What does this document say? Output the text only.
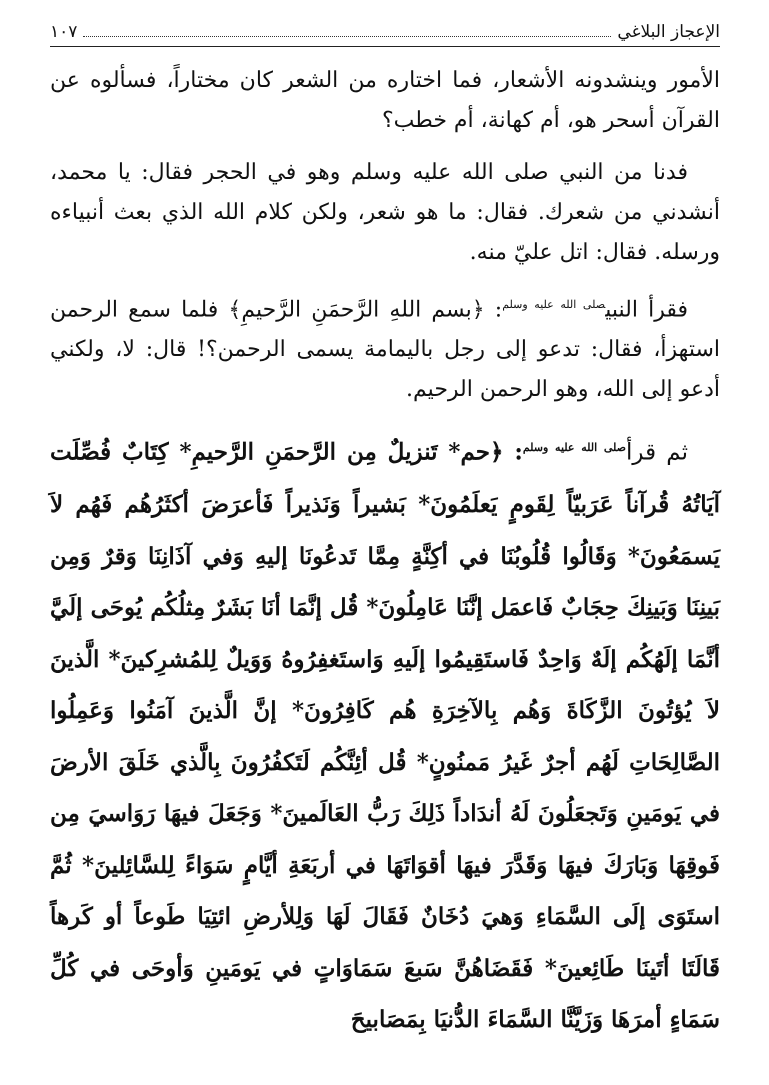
الإعجاز البلاغي
١٠٧

الأمور وينشدونه الأشعار، فما اختاره من الشعر كان مختاراً، فسألوه عن القرآن أسحر هو، أم كهانة، أم خطب؟

فدنا من النبي صلى الله عليه وسلم وهو في الحجر فقال: يا محمد، أنشدني من شعرك. فقال: ما هو شعر، ولكن كلام الله الذي بعث أنبياءه ورسله. فقال: اتل عليّ منه.

فقرأ النبي$^{صلى الله عليه وسلم}$: ﴿بسم اللهِ الرَّحمَنِ الرَّحيمِ﴾ فلما سمع الرحمن استهزأ، فقال: تدعو إلى رجل باليمامة يسمى الرحمن؟! قال: لا، ولكني أدعو إلى الله، وهو الرحمن الرحيم.

ثم قرأ$^{صلى الله عليه وسلم}$: ﴿حم* تَنزيلٌ مِن الرَّحمَنِ الرَّحيمِ* كِتَابٌ فُصِّلَت آيَاتُهُ قُرآناً عَرَبيّاً لِقَومٍ يَعلَمُونَ* بَشيراً وَنَذيراً فَأعرَضَ أكثَرُهُم فَهُم لاَ يَسمَعُونَ* وَقَالُوا قُلُوبُنَا في أكِنَّةٍ مِمَّا تَدعُونَا إليهِ وَفي آذَانِنَا وَقرٌ وَمِن بَينِنَا وَبَينِكَ حِجَابٌ فَاعمَل إنَّنَا عَامِلُونَ* قُل إنَّمَا أنَا بَشَرٌ مِثلُكُم يُوحَى إلَيَّ أنَّمَا إلَهُكُم إلَهٌ وَاحِدٌ فَاستَقِيمُوا إلَيهِ وَاستَغفِرُوهُ وَوَيلٌ لِلمُشرِكينَ* الَّذينَ لاَ يُؤتُونَ الزَّكَاةَ وَهُم بِالآخِرَةِ هُم كَافِرُونَ* إنَّ الَّذينَ آمَنُوا وَعَمِلُوا الصَّالِحَاتِ لَهُم أجرٌ غَيرُ مَمنُونٍ* قُل أئِنَّكُم لَتَكفُرُونَ بِالَّذي خَلَقَ الأرضَ في يَومَينِ وَتَجعَلُونَ لَهُ أندَاداً ذَلِكَ رَبُّ العَالَمينَ* وَجَعَلَ فيهَا رَوَاسيَ مِن فَوقِهَا وَبَارَكَ فيهَا وَقَدَّرَ فيهَا أقوَاتَهَا في أربَعَةِ أيَّامٍ سَوَاءً لِلسَّائِلينَ* ثُمَّ استَوَى إلَى السَّمَاءِ وَهيَ دُخَانٌ فَقَالَ لَهَا وَلِلأرضِ ائتِيَا طَوعاً أو كَرهاً قَالَتَا أتَينَا طَائِعينَ* فَقَضَاهُنَّ سَبعَ سَمَاوَاتٍ في يَومَينِ وَأوحَى في كُلِّ سَمَاءٍ أمرَهَا وَزَيَّنَّا السَّمَاءَ الدُّنيَا بِمَصَابيحَ
